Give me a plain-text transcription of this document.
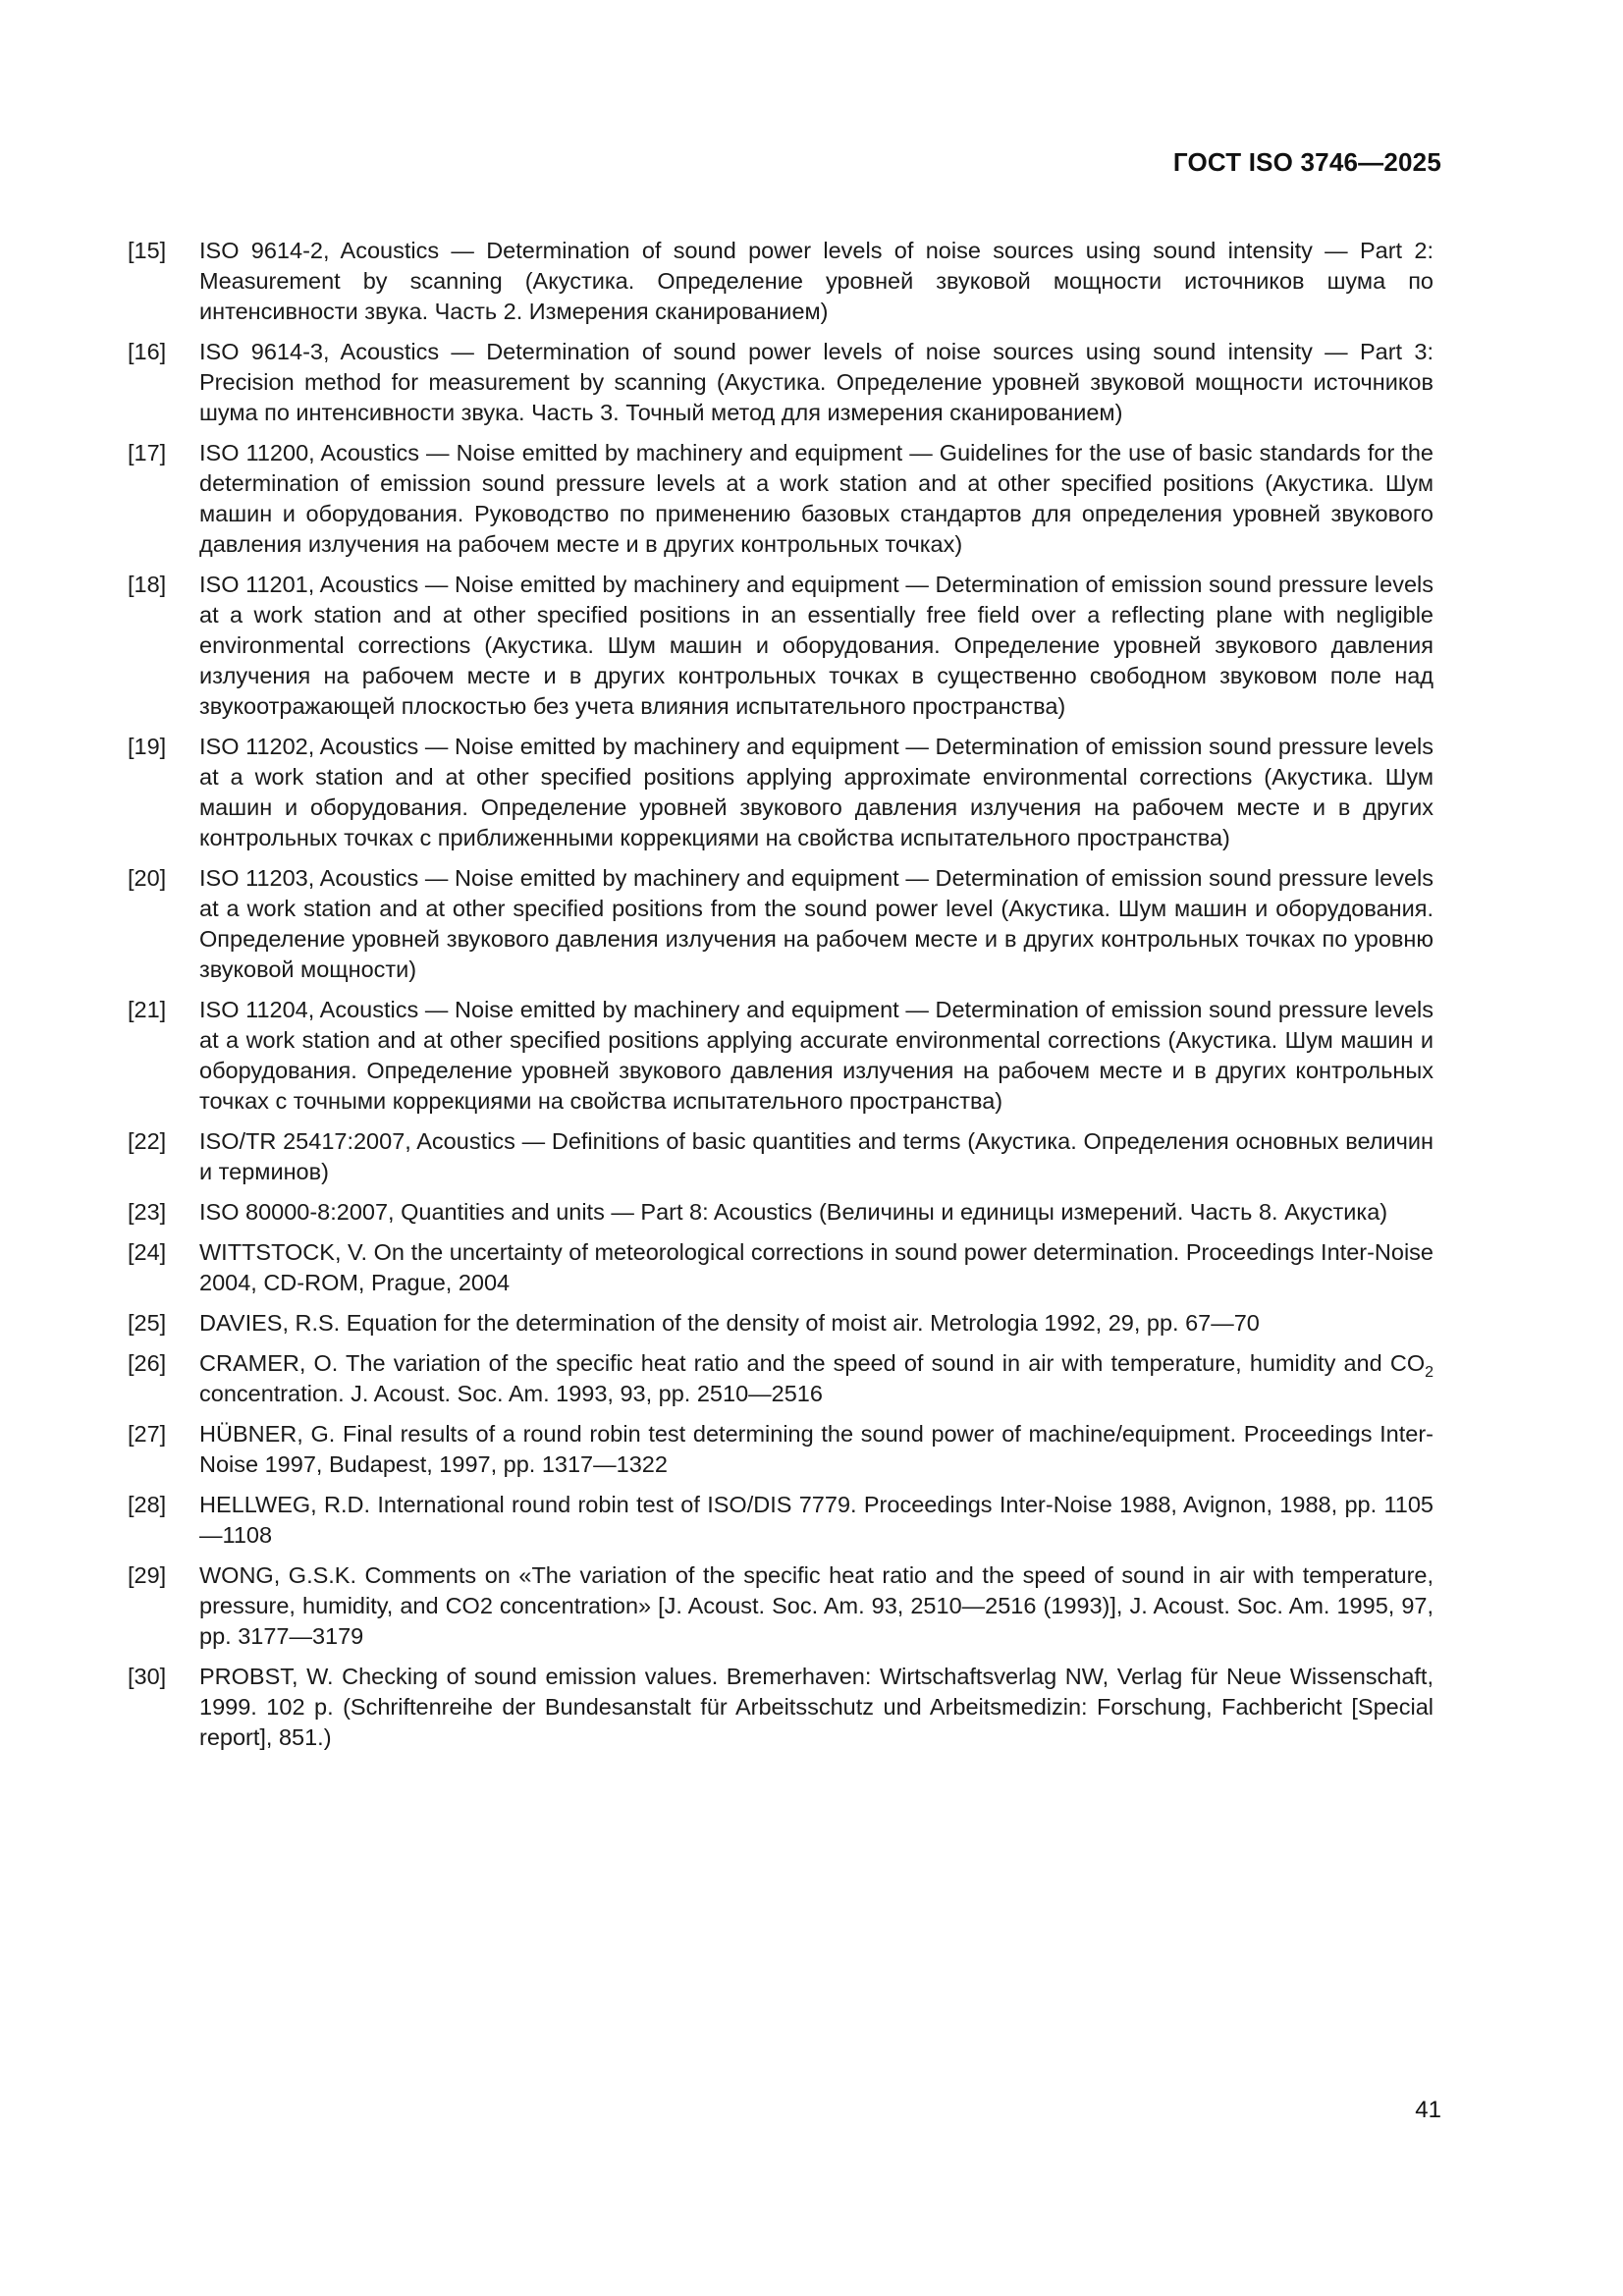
ГОСТ ISO 3746—2025
[15]	ISO 9614-2, Acoustics — Determination of sound power levels of noise sources using sound intensity — Part 2: Measurement by scanning (Акустика. Определение уровней звуковой мощности источников шума по интенсивности звука. Часть 2. Измерения сканированием)
[16]	ISO 9614-3, Acoustics — Determination of sound power levels of noise sources using sound intensity — Part 3: Precision method for measurement by scanning (Акустика. Определение уровней звуковой мощности источников шума по интенсивности звука. Часть 3. Точный метод для измерения сканированием)
[17]	ISO 11200, Acoustics — Noise emitted by machinery and equipment — Guidelines for the use of basic standards for the determination of emission sound pressure levels at a work station and at other specified positions (Акустика. Шум машин и оборудования. Руководство по применению базовых стандартов для определения уровней звукового давления излучения на рабочем месте и в других контрольных точках)
[18]	ISO 11201, Acoustics — Noise emitted by machinery and equipment — Determination of emission sound pressure levels at a work station and at other specified positions in an essentially free field over a reflecting plane with negligible environmental corrections (Акустика. Шум машин и оборудования. Определение уровней звукового давления излучения на рабочем месте и в других контрольных точках в существенно свободном звуковом поле над звукоотражающей плоскостью без учета влияния испытательного пространства)
[19]	ISO 11202, Acoustics — Noise emitted by machinery and equipment — Determination of emission sound pressure levels at a work station and at other specified positions applying approximate environmental corrections (Акустика. Шум машин и оборудования. Определение уровней звукового давления излучения на рабочем месте и в других контрольных точках с приближенными коррекциями на свойства испытательного пространства)
[20]	ISO 11203, Acoustics — Noise emitted by machinery and equipment — Determination of emission sound pressure levels at a work station and at other specified positions from the sound power level (Акустика. Шум машин и оборудования. Определение уровней звукового давления излучения на рабочем месте и в других контрольных точках по уровню звуковой мощности)
[21]	ISO 11204, Acoustics — Noise emitted by machinery and equipment — Determination of emission sound pressure levels at a work station and at other specified positions applying accurate environmental corrections (Акустика. Шум машин и оборудования. Определение уровней звукового давления излучения на рабочем месте и в других контрольных точках с точными коррекциями на свойства испытательного пространства)
[22]	ISO/TR 25417:2007, Acoustics — Definitions of basic quantities and terms (Акустика. Определения основных величин и терминов)
[23]	ISO 80000-8:2007, Quantities and units — Part 8: Acoustics (Величины и единицы измерений. Часть 8. Акустика)
[24]	WITTSTOCK, V. On the uncertainty of meteorological corrections in sound power determination. Proceedings Inter-Noise 2004, CD-ROM, Prague, 2004
[25]	DAVIES, R.S. Equation for the determination of the density of moist air. Metrologia 1992, 29, pp. 67—70
[26]	CRAMER, O. The variation of the specific heat ratio and the speed of sound in air with temperature, humidity and $CO_2$ concentration. J. Acoust. Soc. Am. 1993, 93, pp. 2510—2516
[27]	HÜBNER, G. Final results of a round robin test determining the sound power of machine/equipment. Proceedings Inter-Noise 1997, Budapest, 1997, pp. 1317—1322
[28]	HELLWEG, R.D. International round robin test of ISO/DIS 7779. Proceedings Inter-Noise 1988, Avignon, 1988, pp. 1105—1108
[29]	WONG, G.S.K. Comments on «The variation of the specific heat ratio and the speed of sound in air with temperature, pressure, humidity, and CO2 concentration» [J. Acoust. Soc. Am. 93, 2510—2516 (1993)], J. Acoust. Soc. Am. 1995, 97, pp. 3177—3179
[30]	PROBST, W. Checking of sound emission values. Bremerhaven: Wirtschaftsverlag NW, Verlag für Neue Wissenschaft, 1999. 102 p. (Schriftenreihe der Bundesanstalt für Arbeitsschutz und Arbeitsmedizin: Forschung, Fachbericht [Special report], 851.)
41
